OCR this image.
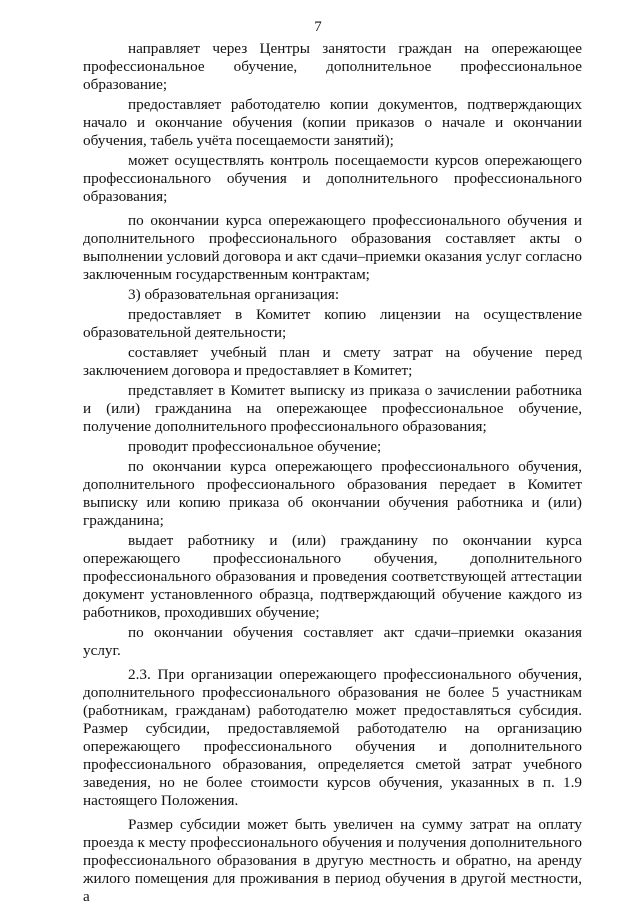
7

направляет через Центры занятости граждан на опережающее профессиональное обучение, дополнительное профессиональное образование;

предоставляет работодателю копии документов, подтверждающих начало и окончание обучения (копии приказов о начале и окончании обучения, табель учёта посещаемости занятий);

может осуществлять контроль посещаемости курсов опережающего профессионального обучения и дополнительного профессионального образования;

по окончании курса опережающего профессионального обучения и дополнительного профессионального образования составляет акты о выполнении условий договора и акт сдачи–приемки оказания услуг согласно заключенным государственным контрактам;

3) образовательная организация:

предоставляет в Комитет копию лицензии на осуществление образовательной деятельности;

составляет учебный план и смету затрат на обучение перед заключением договора и предоставляет в Комитет;

представляет в Комитет выписку из приказа о зачислении работника и (или) гражданина на опережающее профессиональное обучение, получение дополнительного профессионального образования;

проводит профессиональное обучение;

по окончании курса опережающего профессионального обучения, дополнительного профессионального образования передает в Комитет выписку или копию приказа об окончании обучения работника и (или) гражданина;

выдает работнику и (или) гражданину по окончании курса опережающего профессионального обучения, дополнительного профессионального образования и проведения соответствующей аттестации документ установленного образца, подтверждающий обучение каждого из работников, проходивших обучение;

по окончании обучения составляет акт сдачи–приемки оказания услуг.

2.3. При организации опережающего профессионального обучения, дополнительного профессионального образования не более 5 участникам (работникам, гражданам) работодателю может предоставляться субсидия. Размер субсидии, предоставляемой работодателю на организацию опережающего профессионального обучения и дополнительного профессионального образования, определяется сметой затрат учебного заведения, но не более стоимости курсов обучения, указанных в п. 1.9 настоящего Положения.

Размер субсидии может быть увеличен на сумму затрат на оплату проезда к месту профессионального обучения и получения дополнительного профессионального образования в другую местность и обратно, на аренду жилого помещения для проживания в период обучения в другой местности, а
